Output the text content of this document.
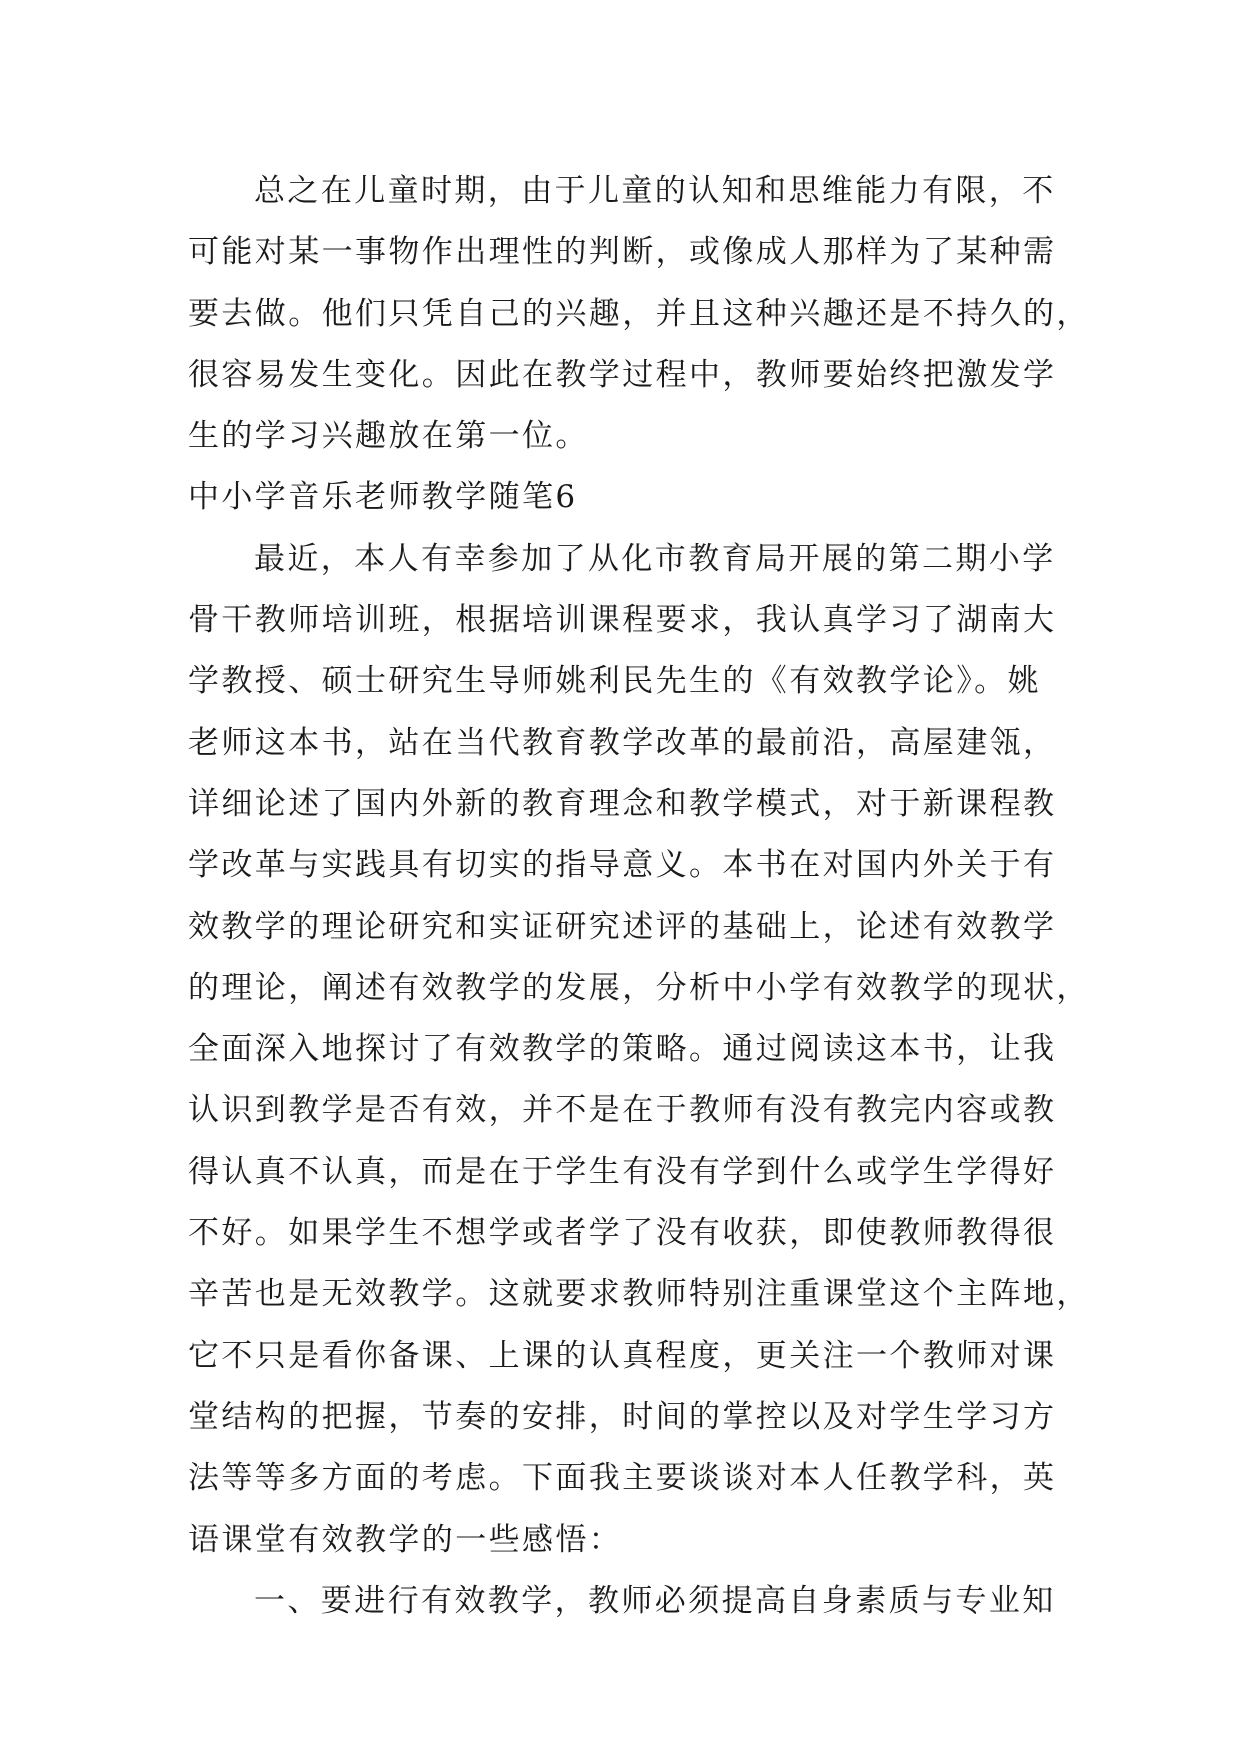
总之在儿童时期，由于儿童的认知和思维能力有限，不
可能对某一事物作出理性的判断，或像成人那样为了某种需
要去做。他们只凭自己的兴趣，并且这种兴趣还是不持久的，
很容易发生变化。因此在教学过程中，教师要始终把激发学
生的学习兴趣放在第一位。
中小学音乐老师教学随笔6
最近，本人有幸参加了从化市教育局开展的第二期小学
骨干教师培训班，根据培训课程要求，我认真学习了湖南大
学教授、硕士研究生导师姚利民先生的《有效教学论》。姚
老师这本书，站在当代教育教学改革的最前沿，高屋建瓴，
详细论述了国内外新的教育理念和教学模式，对于新课程教
学改革与实践具有切实的指导意义。本书在对国内外关于有
效教学的理论研究和实证研究述评的基础上，论述有效教学
的理论，阐述有效教学的发展，分析中小学有效教学的现状，
全面深入地探讨了有效教学的策略。通过阅读这本书，让我
认识到教学是否有效，并不是在于教师有没有教完内容或教
得认真不认真，而是在于学生有没有学到什么或学生学得好
不好。如果学生不想学或者学了没有收获，即使教师教得很
辛苦也是无效教学。这就要求教师特别注重课堂这个主阵地，
它不只是看你备课、上课的认真程度，更关注一个教师对课
堂结构的把握，节奏的安排，时间的掌控以及对学生学习方
法等等多方面的考虑。下面我主要谈谈对本人任教学科，英
语课堂有效教学的一些感悟：
一、要进行有效教学，教师必须提高自身素质与专业知
